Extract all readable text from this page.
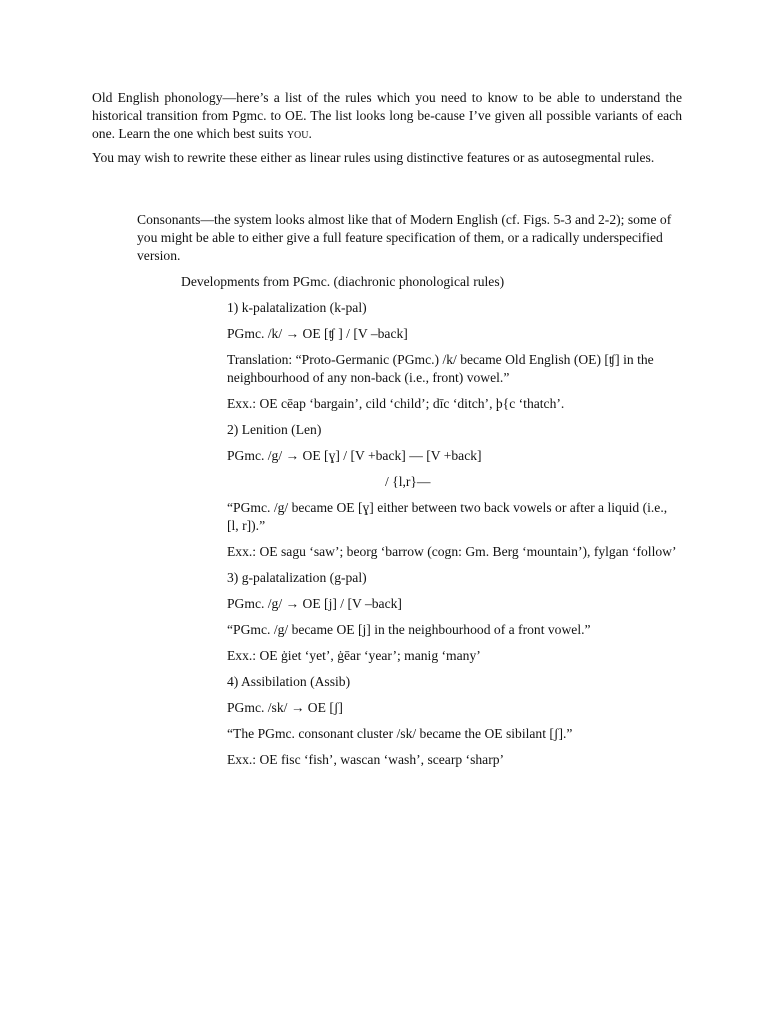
Old English phonology—here’s a list of the rules which you need to know to be able to understand the historical transition from Pgmc. to OE. The list looks long be-cause I’ve given all possible variants of each one. Learn the one which best suits you.

You may wish to rewrite these either as linear rules using distinctive features or as autosegmental rules.

Consonants—the system looks almost like that of Modern English (cf. Figs. 5-3 and 2-2); some of you might be able to either give a full feature specification of them, or a radically underspecified version.

Developments from PGmc. (diachronic phonological rules)

1) k-palatalization (k-pal)

PGmc. /k/ → OE [ʧ ] / [V –back]

Translation: “Proto-Germanic (PGmc.) /k/ became Old English (OE) [ʧ] in the neighbourhood of any non-back (i.e., front) vowel.”

Exx.: OE cēap ‘bargain’, cild ‘child’; dīc ‘ditch’, þ{c ‘thatch’.

2) Lenition (Len)

PGmc. /g/ → OE [ɣ] / [V +back] — [V +back]

/ {l,r}—

“PGmc. /g/ became OE [ɣ] either between two back vowels or after a liquid (i.e., [l, r]).”

Exx.: OE sagu ‘saw’; beorg ‘barrow (cogn: Gm. Berg ‘mountain’), fylgan ‘follow’

3) g-palatalization (g-pal)

PGmc. /g/ → OE [j] / [V –back]

“PGmc. /g/ became OE [j] in the neighbourhood of a front vowel.”

Exx.: OE ġiet ‘yet’, ġēar ‘year’; manig ‘many’

4) Assibilation (Assib)

PGmc. /sk/ → OE [ʃ]

“The PGmc. consonant cluster /sk/ became the OE sibilant [ʃ].”

Exx.: OE fisc ‘fish’, wascan ‘wash’, scearp ‘sharp’
